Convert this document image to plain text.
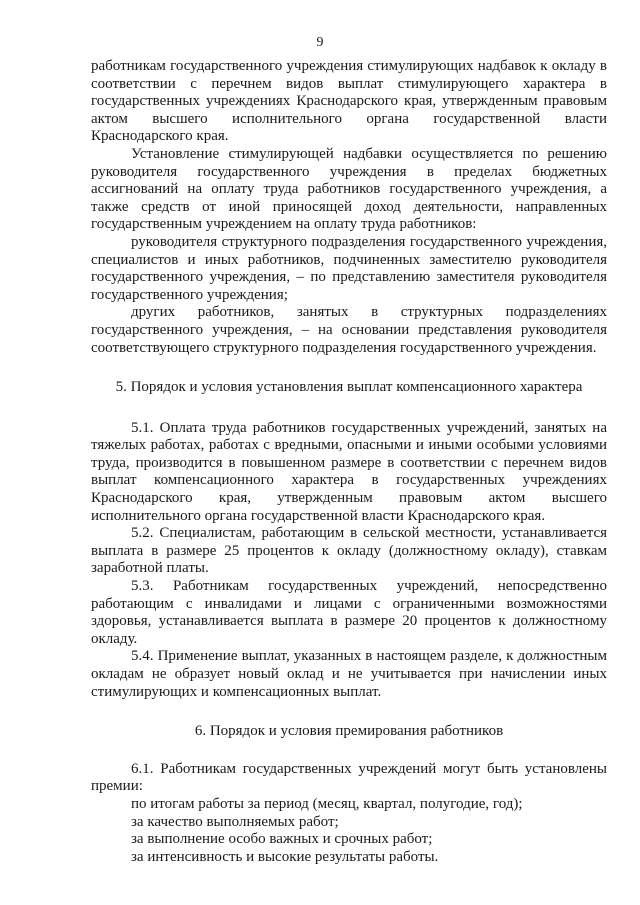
9

работникам государственного учреждения стимулирующих надбавок к окладу в соответствии с перечнем видов выплат стимулирующего характера в государственных учреждениях Краснодарского края, утвержденным правовым актом высшего исполнительного органа государственной власти Краснодарского края.

Установление стимулирующей надбавки осуществляется по решению руководителя государственного учреждения в пределах бюджетных ассигнований на оплату труда работников государственного учреждения, а также средств от иной приносящей доход деятельности, направленных государственным учреждением на оплату труда работников:

руководителя структурного подразделения государственного учреждения, специалистов и иных работников, подчиненных заместителю руководителя государственного учреждения, – по представлению заместителя руководителя государственного учреждения;

других работников, занятых в структурных подразделениях государственного учреждения, – на основании представления руководителя соответствующего структурного подразделения государственного учреждения.

5. Порядок и условия установления выплат компенсационного характера

5.1. Оплата труда работников государственных учреждений, занятых на тяжелых работах, работах с вредными, опасными и иными особыми условиями труда, производится в повышенном размере в соответствии с перечнем видов выплат компенсационного характера в государственных учреждениях Краснодарского края, утвержденным правовым актом высшего исполнительного органа государственной власти Краснодарского края.

5.2. Специалистам, работающим в сельской местности, устанавливается выплата в размере 25 процентов к окладу (должностному окладу), ставкам заработной платы.

5.3. Работникам государственных учреждений, непосредственно работающим с инвалидами и лицами с ограниченными возможностями здоровья, устанавливается выплата в размере 20 процентов к должностному окладу.

5.4. Применение выплат, указанных в настоящем разделе, к должностным окладам не образует новый оклад и не учитывается при начислении иных стимулирующих и компенсационных выплат.

6. Порядок и условия премирования работников

6.1. Работникам государственных учреждений могут быть установлены премии:

по итогам работы за период (месяц, квартал, полугодие, год);

за качество выполняемых работ;

за выполнение особо важных и срочных работ;

за интенсивность и высокие результаты работы.
